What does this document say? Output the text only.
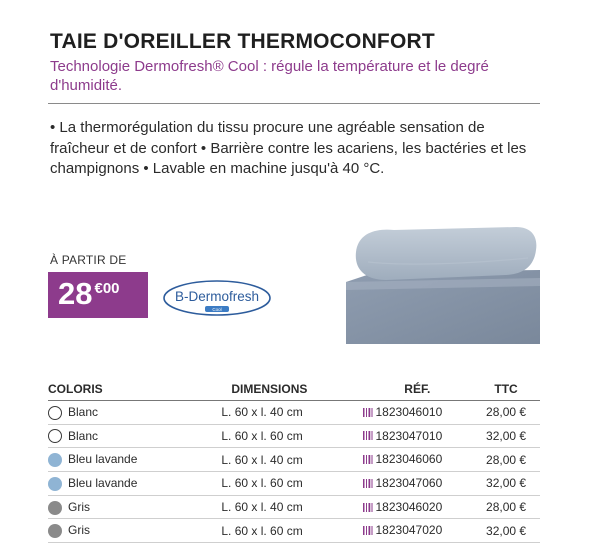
TAIE D'OREILLER THERMOCONFORT

Technologie Dermofresh® Cool : régule la température et le degré d'humidité.

• La thermorégulation du tissu procure une agréable sensation de fraîcheur et de confort • Barrière contre les acariens, les bactéries et les champignons • Lavable en machine jusqu'à 40 °C.

À PARTIR DE
28 €00	B-Dermofresh
Cool
COLORIS	DIMENSIONS	RÉF.	TTC
Blanc	L. 60 x l. 40 cm	1823046010	28,00 €
Blanc	L. 60 x l. 60 cm	1823047010	32,00 €
Bleu lavande	L. 60 x l. 40 cm	1823046060	28,00 €
Bleu lavande	L. 60 x l. 60 cm	1823047060	32,00 €
Gris	L. 60 x l. 40 cm	1823046020	28,00 €
Gris	L. 60 x l. 60 cm	1823047020	32,00 €
